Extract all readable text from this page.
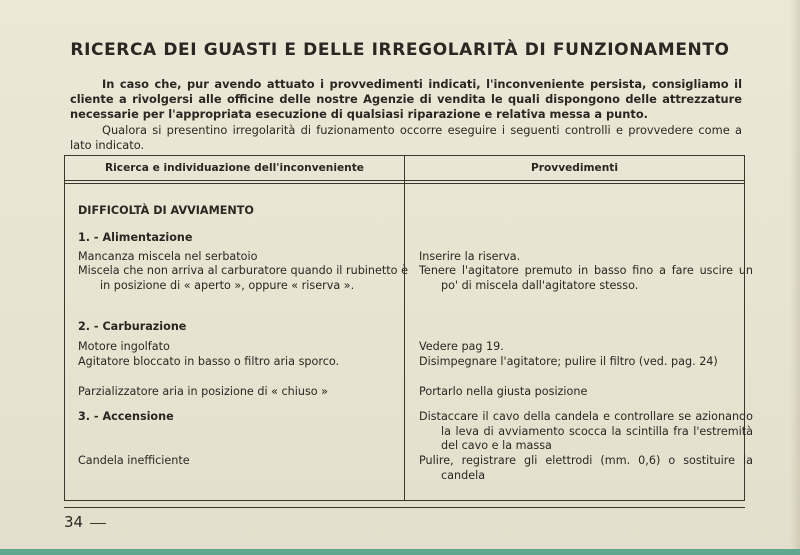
RICERCA DEI GUASTI E DELLE IRREGOLARITÀ DI FUNZIONAMENTO

In caso che, pur avendo attuato i provvedimenti indicati, l'inconveniente persista, consigliamo il cliente a rivolgersi alle officine delle nostre Agenzie di vendita le quali dispongono delle attrezzature necessarie per l'appropriata esecuzione di qualsiasi riparazione e relativa messa a punto.

Qualora si presentino irregolarità di fuzionamento occorre eseguire i seguenti controlli e provvedere come a lato indicato.

Ricerca e individuazione dell'inconveniente	Provvedimenti
DIFFICOLTÀ DI AVVIAMENTO
1. - Alimentazione
Mancanza miscela nel serbatoio
Miscela che non arriva al carburatore quando il rubinetto è in posizione di « aperto », oppure « riserva ».
2. - Carburazione
Motore ingolfato
Agitatore bloccato in basso o filtro aria sporco.
Parzializzatore aria in posizione di « chiuso »
3. - Accensione
Candela inefficiente
Inserire la riserva.
Tenere l'agitatore premuto in basso fino a fare uscire un po' di miscela dall'agitatore stesso.
Vedere pag 19.
Disimpegnare l'agitatore; pulire il filtro (ved. pag. 24)
Portarlo nella giusta posizione
Distaccare il cavo della candela e controllare se azionando la leva di avviamento scocca la scintilla fra l'estremità del cavo e la massa
Pulire, registrare gli elettrodi (mm. 0,6) o sostituire la candela
34
